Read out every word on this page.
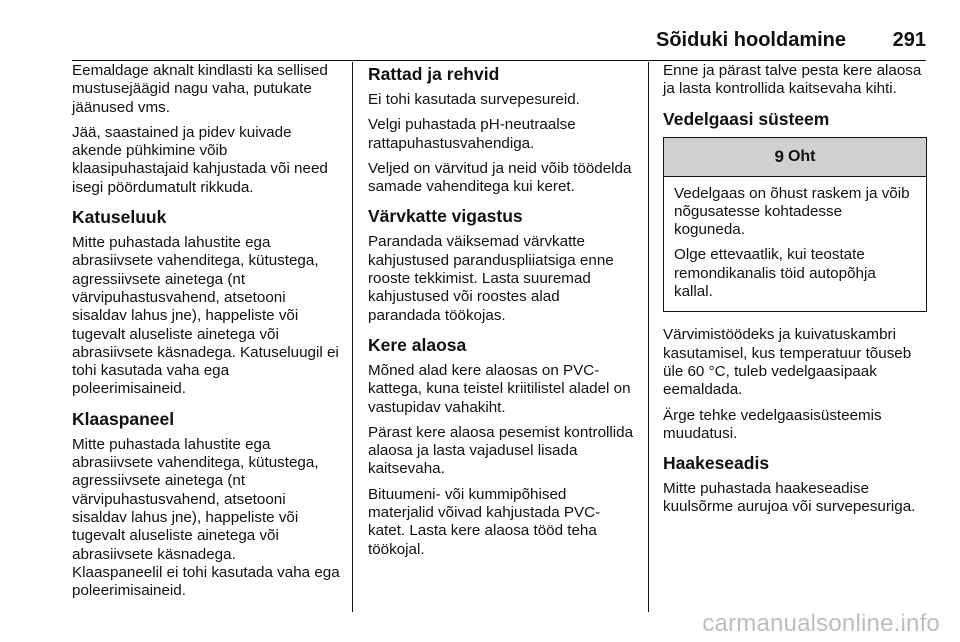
Sõiduki hooldamine 291

Eemaldage aknalt kindlasti ka sellised mustusejäägid nagu vaha, putukate jäänused vms.

Jää, saastained ja pidev kuivade akende pühkimine võib klaasipuhastajaid kahjustada või need isegi pöördumatult rikkuda.

Katuseluuk

Mitte puhastada lahustite ega abrasiivsete vahenditega, kütustega, agressiivsete ainetega (nt värvipuhastusvahend, atsetooni sisaldav lahus jne), happeliste või tugevalt aluseliste ainetega või abrasiivsete käsnadega. Katuseluugil ei tohi kasutada vaha ega poleerimisaineid.

Klaaspaneel

Mitte puhastada lahustite ega abrasiivsete vahenditega, kütustega, agressiivsete ainetega (nt värvipuhastusvahend, atsetooni sisaldav lahus jne), happeliste või tugevalt aluseliste ainetega või abrasiivsete käsnadega.

Klaaspaneelil ei tohi kasutada vaha ega poleerimisaineid.

Rattad ja rehvid

Ei tohi kasutada survepesureid.

Velgi puhastada pH-neutraalse rattapuhastusvahendiga.

Veljed on värvitud ja neid võib töödelda samade vahenditega kui keret.

Värvkatte vigastus

Parandada väiksemad värvkatte kahjustused paranduspliiatsiga enne rooste tekkimist. Lasta suuremad kahjustused või roostes alad parandada töökojas.

Kere alaosa

Mõned alad kere alaosas on PVC-kattega, kuna teistel kriitilistel aladel on vastupidav vahakiht.

Pärast kere alaosa pesemist kontrollida alaosa ja lasta vajadusel lisada kaitsevaha.

Bituumeni- või kummipõhised materjalid võivad kahjustada PVC-katet. Lasta kere alaosa tööd teha töökojal.

Enne ja pärast talve pesta kere alaosa ja lasta kontrollida kaitsevaha kihti.

Vedelgaasi süsteem
9 Oht

Vedelgaas on õhust raskem ja võib nõgusatesse kohtadesse koguneda.

Olge ettevaatlik, kui teostate remondikanalis töid autopõhja kallal.

Värvimistöödeks ja kuivatuskambri kasutamisel, kus temperatuur tõuseb üle 60 °C, tuleb vedelgaasipaak eemaldada.

Ärge tehke vedelgaasisüsteemis muudatusi.

Haakeseadis

Mitte puhastada haakeseadise kuulsõrme aurujoa või survepesuriga.

carmanualsonline.info
